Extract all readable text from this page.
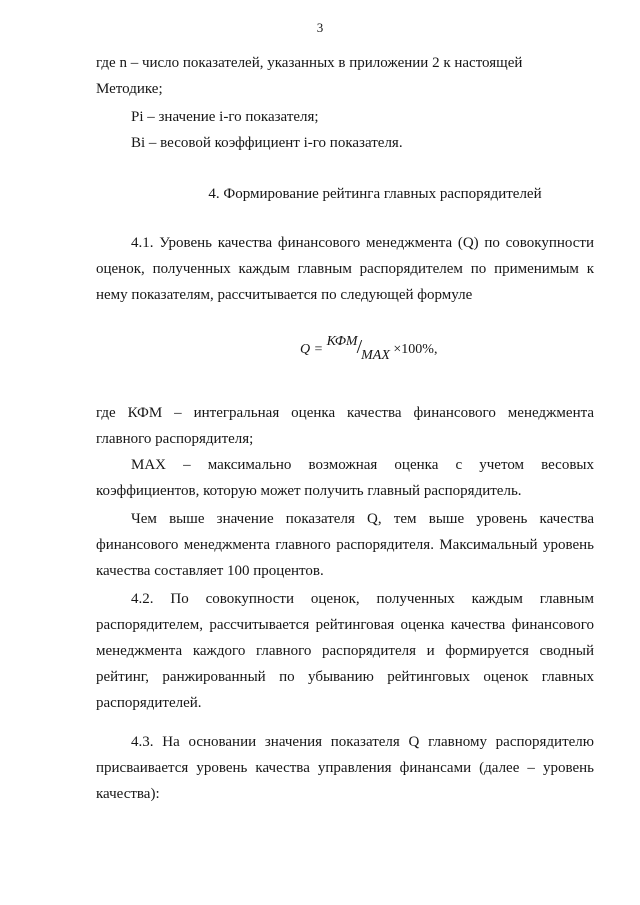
3
где n – число показателей, указанных в приложении 2 к настоящей
Методике;
Pi – значение i-го показателя;
Bi – весовой коэффициент i-го показателя.
4. Формирование рейтинга главных распорядителей
4.1. Уровень качества финансового менеджмента (Q) по совокупности оценок, полученных каждым главным распорядителем по применимым к нему показателям, рассчитывается по следующей формуле
Q = КФМ/MAX ×100%,
где КФМ – интегральная оценка качества финансового менеджмента главного распорядителя;
MAX – максимально возможная оценка с учетом весовых коэффициентов, которую может получить главный распорядитель.
Чем выше значение показателя Q, тем выше уровень качества финансового менеджмента главного распорядителя. Максимальный уровень качества составляет 100 процентов.
4.2. По совокупности оценок, полученных каждым главным распорядителем, рассчитывается рейтинговая оценка качества финансового менеджмента каждого главного распорядителя и формируется сводный рейтинг, ранжированный по убыванию рейтинговых оценок главных распорядителей.
4.3. На основании значения показателя Q главному распорядителю присваивается уровень качества управления финансами (далее – уровень качества):
